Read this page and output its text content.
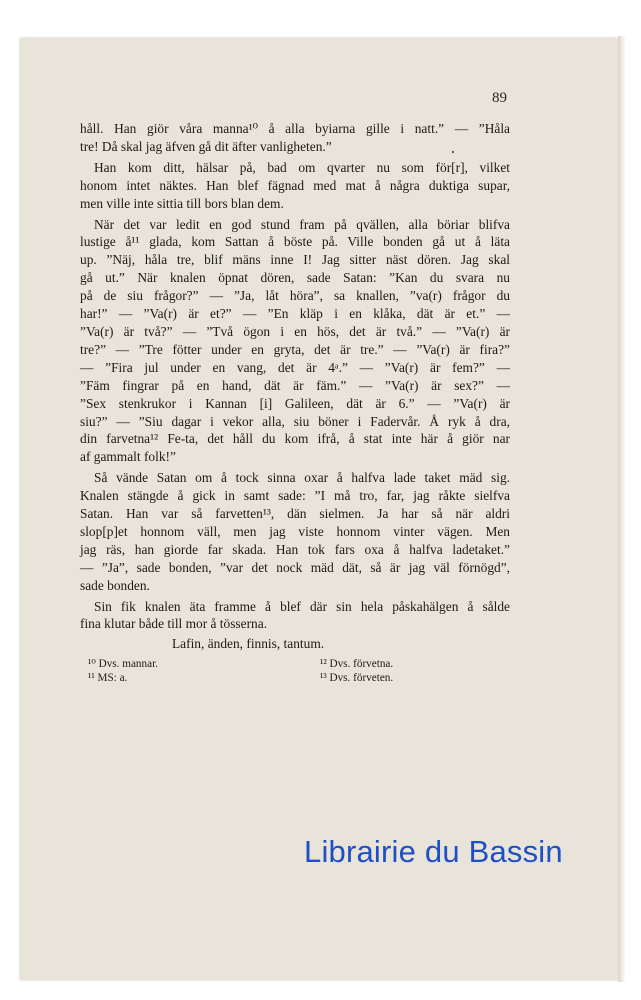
89
håll. Han giör våra manna¹⁰ å alla byiarna gille i natt.” — ”Håla
tre! Då skal jag äfven gå dit äfter vanligheten.”
Han kom ditt, hälsar på, bad om qvarter nu som för[r], vilket
honom intet näktes. Han blef fägnad med mat å några duktiga supar,
men ville inte sittia till bors blan dem.
När det var ledit en god stund fram på qvällen, alla böriar blifva
lustige å¹¹ glada, kom Sattan å böste på. Ville bonden gå ut å läta
up. ”Näj, håla tre, blif mäns inne I! Jag sitter näst dören. Jag skal
gå ut.” När knalen öpnat dören, sade Satan: ”Kan du svara nu
på de siu frågor?” — ”Ja, låt höra”, sa knallen, ”va(r) frågor du
har!” — ”Va(r) är et?” — ”En kläp i en klåka, dät är et.” —
”Va(r) är två?” — ”Två ögon i en hös, det är två.” — ”Va(r) är
tre?” — ”Tre fötter under en gryta, det är tre.” — ”Va(r) är fira?”
— ”Fira jul under en vang, det är 4ᵃ.” — ”Va(r) är fem?” —
”Fäm fingrar på en hand, dät är fäm.” — ”Va(r) är sex?” —
”Sex stenkrukor i Kannan [i] Galileen, dät är 6.” — ”Va(r) är
siu?” — ”Siu dagar i vekor alla, siu böner i Fadervår. Å ryk å dra,
din farvetna¹² Fe-ta, det håll du kom ifrå, å stat inte här å giör nar
af gammalt folk!”
Så vände Satan om å tock sinna oxar å halfva lade taket mäd sig.
Knalen stängde å gick in samt sade: ”I må tro, far, jag råkte sielfva
Satan. Han var så farvetten¹³, dän sielmen. Ja har så när aldri
slop[p]et honnom väll, men jag viste honnom vinter vägen. Men
jag räs, han giorde far skada. Han tok fars oxa å halfva ladetaket.”
— ”Ja”, sade bonden, ”var det nock mäd dät, så är jag väl förnögd”,
sade bonden.
Sin fik knalen äta framme å blef där sin hela påskahälgen å sålde
fina klutar både till mor å tösserna.
Lafin, änden, finnis, tantum.
¹⁰ Dvs. mannar.
¹¹ MS: a.
¹² Dvs. förvetna.
¹³ Dvs. förveten.
Librairie du Bassin
